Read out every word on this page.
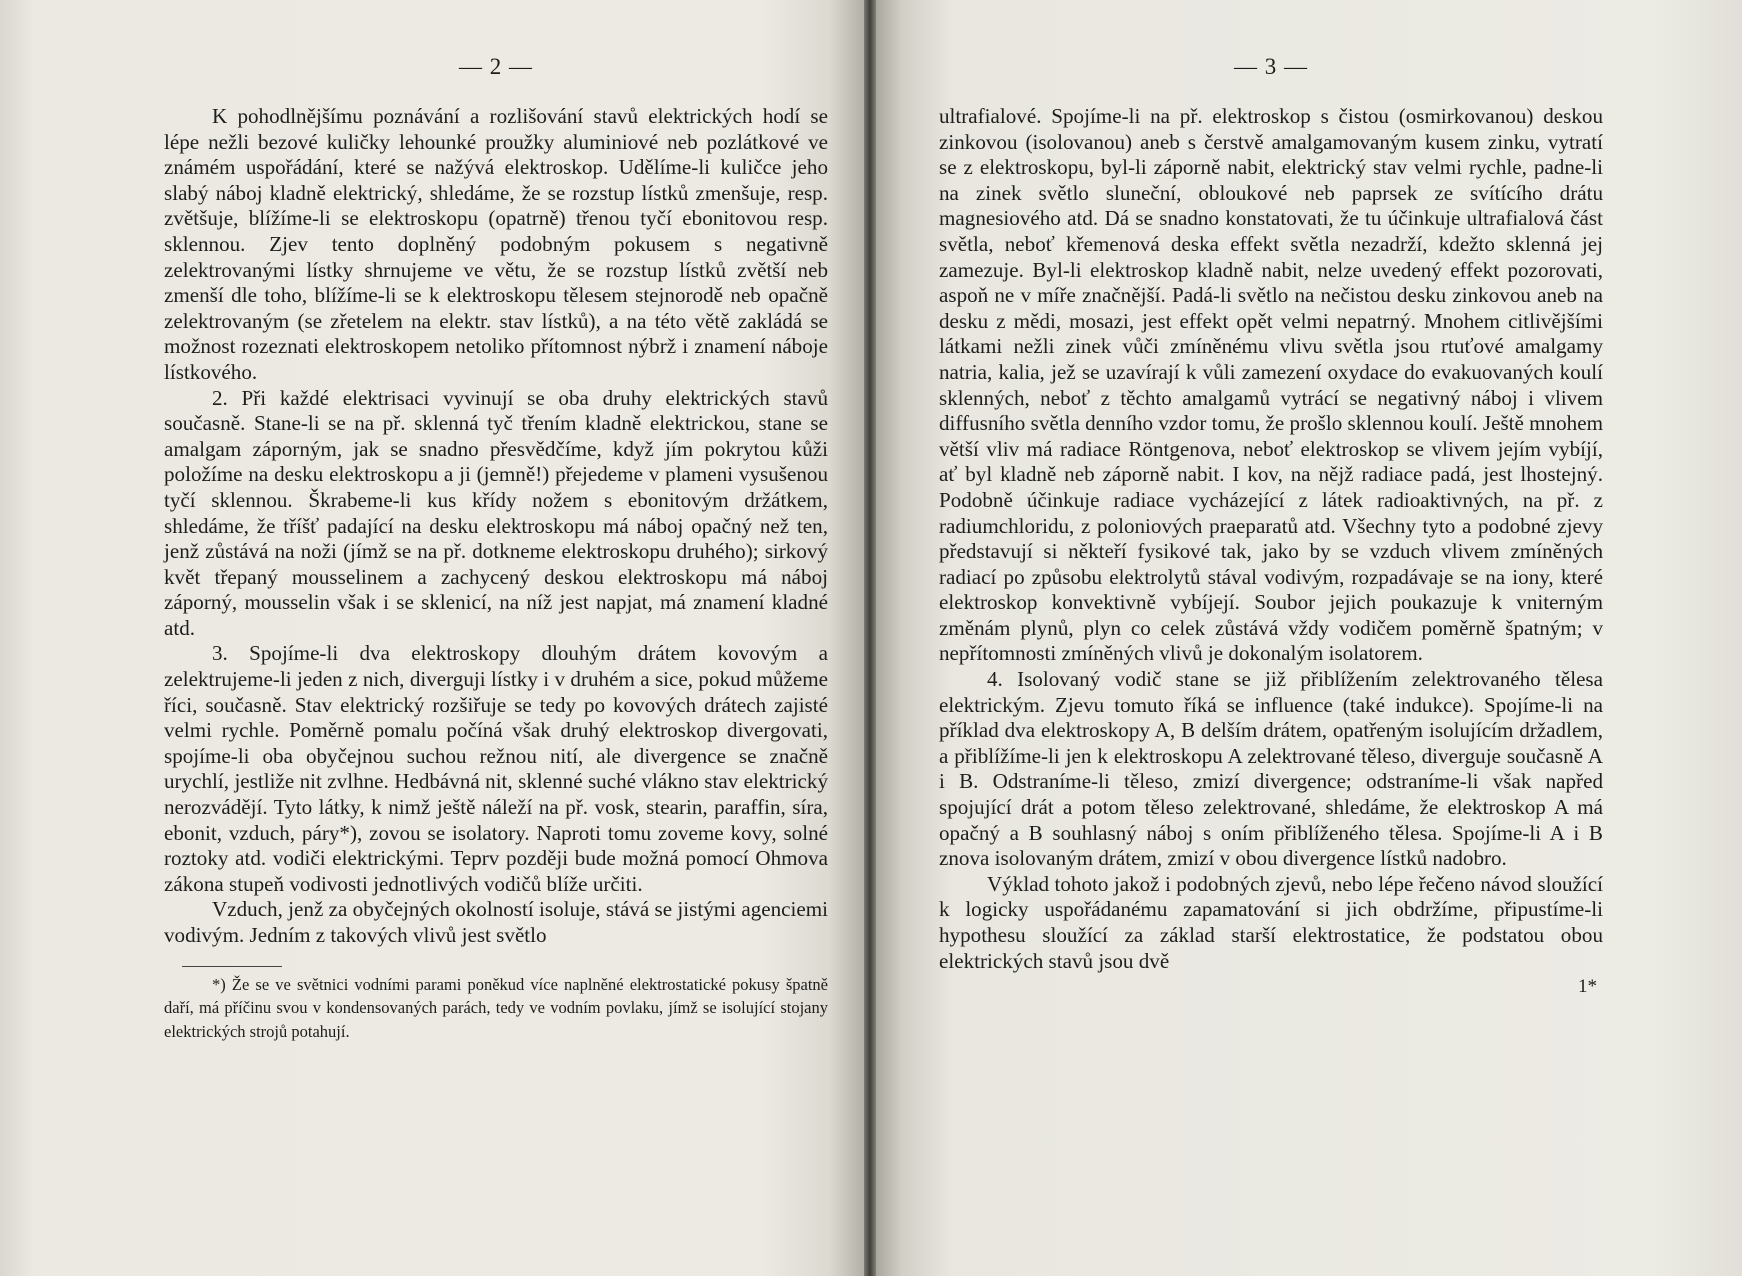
— 2 —

K pohodlnějšímu poznávání a rozlišování stavů elektrických hodí se lépe nežli bezové kuličky lehounké proužky aluminiové neb pozlátkové ve známém uspořádání, které se nažývá elektroskop. Udělíme-li kuličce jeho slabý náboj kladně elektrický, shledáme, že se rozstup lístků zmenšuje, resp. zvětšuje, blížíme-li se elektroskopu (opatrně) třenou tyčí ebonitovou resp. sklennou. Zjev tento doplněný podobným pokusem s negativně zelektrovanými lístky shrnujeme ve větu, že se rozstup lístků zvětší neb zmenší dle toho, blížíme-li se k elektroskopu tělesem stejnorodě neb opačně zelektrovaným (se zřetelem na elektr. stav lístků), a na této větě zakládá se možnost rozeznati elektroskopem netoliko přítomnost nýbrž i znamení náboje lístkového.

2. Při každé elektrisaci vyvinují se oba druhy elektrických stavů současně. Stane-li se na př. sklenná tyč třením kladně elektrickou, stane se amalgam záporným, jak se snadno přesvědčíme, když jím pokrytou kůži položíme na desku elektroskopu a ji (jemně!) přejedeme v plameni vysušenou tyčí sklennou. Škrabeme-li kus křídy nožem s ebonitovým držátkem, shledáme, že tříšť padající na desku elektroskopu má náboj opačný než ten, jenž zůstává na noži (jímž se na př. dotkneme elektroskopu druhého); sirkový květ třepaný mousselinem a zachycený deskou elektroskopu má náboj záporný, mousselin však i se sklenicí, na níž jest napjat, má znamení kladné atd.

3. Spojíme-li dva elektroskopy dlouhým drátem kovovým a zelektrujeme-li jeden z nich, diverguji lístky i v druhém a sice, pokud můžeme říci, současně. Stav elektrický rozšiřuje se tedy po kovových drátech zajisté velmi rychle. Poměrně pomalu počíná však druhý elektroskop divergovati, spojíme-li oba obyčejnou suchou režnou nití, ale divergence se značně urychlí, jestliže nit zvlhne. Hedbávná nit, sklenné suché vlákno stav elektrický nerozvádějí. Tyto látky, k nimž ještě náleží na př. vosk, stearin, paraffin, síra, ebonit, vzduch, páry*), zovou se isolatory. Naproti tomu zoveme kovy, solné roztoky atd. vodiči elektrickými. Teprv později bude možná pomocí Ohmova zákona stupeň vodivosti jednotlivých vodičů blíže určiti.

Vzduch, jenž za obyčejných okolností isoluje, stává se jistými agenciemi vodivým. Jedním z takových vlivů jest světlo

*) Že se ve světnici vodními parami poněkud více naplněné elektrostatické pokusy špatně daří, má příčinu svou v kondensovaných parách, tedy ve vodním povlaku, jímž se isolující stojany elektrických strojů potahují.
— 3 —

ultrafialové. Spojíme-li na př. elektroskop s čistou (osmirkovanou) deskou zinkovou (isolovanou) aneb s čerstvě amalgamovaným kusem zinku, vytratí se z elektroskopu, byl-li záporně nabit, elektrický stav velmi rychle, padne-li na zinek světlo sluneční, obloukové neb paprsek ze svítícího drátu magnesiového atd. Dá se snadno konstatovati, že tu účinkuje ultrafialová část světla, neboť křemenová deska effekt světla nezadrží, kdežto sklenná jej zamezuje. Byl-li elektroskop kladně nabit, nelze uvedený effekt pozorovati, aspoň ne v míře značnější. Padá-li světlo na nečistou desku zinkovou aneb na desku z mědi, mosazi, jest effekt opět velmi nepatrný. Mnohem citlivějšími látkami nežli zinek vůči zmíněnému vlivu světla jsou rtuťové amalgamy natria, kalia, jež se uzavírají k vůli zamezení oxydace do evakuovaných koulí sklenných, neboť z těchto amalgamů vytrácí se negativný náboj i vlivem diffusního světla denního vzdor tomu, že prošlo sklennou koulí. Ještě mnohem větší vliv má radiace Röntgenova, neboť elektroskop se vlivem jejím vybíjí, ať byl kladně neb záporně nabit. I kov, na nějž radiace padá, jest lhostejný. Podobně účinkuje radiace vycházející z látek radioaktivných, na př. z radiumchloridu, z poloniových praeparatů atd. Všechny tyto a podobné zjevy představují si někteří fysikové tak, jako by se vzduch vlivem zmíněných radiací po způsobu elektrolytů stával vodivým, rozpadávaje se na iony, které elektroskop konvektivně vybíjejí. Soubor jejich poukazuje k vniterným změnám plynů, plyn co celek zůstává vždy vodičem poměrně špatným; v nepřítomnosti zmíněných vlivů je dokonalým isolatorem.

4. Isolovaný vodič stane se již přiblížením zelektrovaného tělesa elektrickým. Zjevu tomuto říká se influence (také indukce). Spojíme-li na příklad dva elektroskopy A, B delším drátem, opatřeným isolujícím držadlem, a přiblížíme-li jen k elektroskopu A zelektrované těleso, diverguje současně A i B. Odstraníme-li těleso, zmizí divergence; odstraníme-li však napřed spojující drát a potom těleso zelektrované, shledáme, že elektroskop A má opačný a B souhlasný náboj s oním přiblíženého tělesa. Spojíme-li A i B znova isolovaným drátem, zmizí v obou divergence lístků nadobro.

Výklad tohoto jakož i podobných zjevů, nebo lépe řečeno návod sloužící k logicky uspořádanému zapamatování si jich obdržíme, připustíme-li hypothesu sloužící za základ starší elektrostatice, že podstatou obou elektrických stavů jsou dvě

1*
